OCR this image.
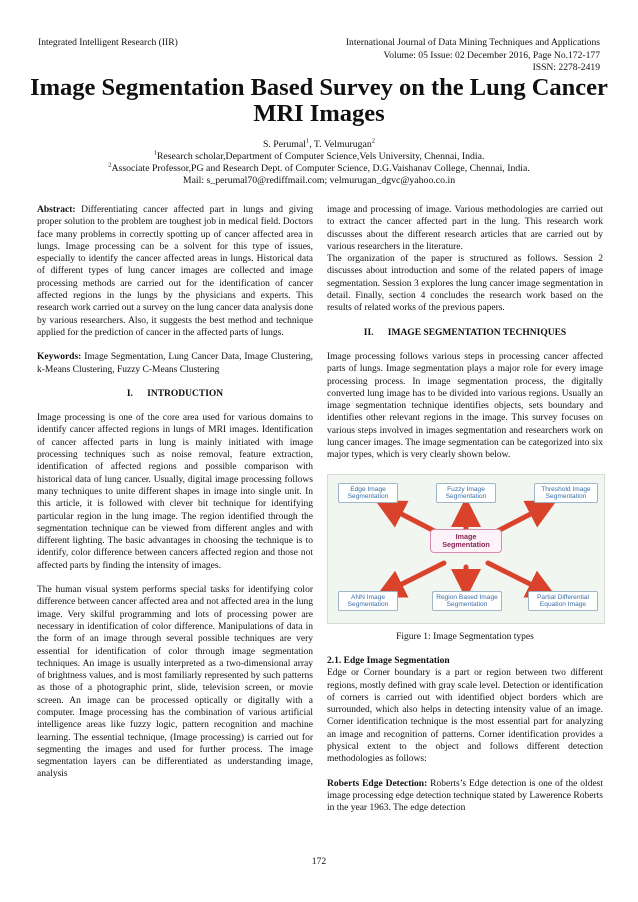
Integrated Intelligent Research (IIR)	International Journal of Data Mining Techniques and Applications
Volume: 05 Issue: 02 December 2016, Page No.172-177
ISSN: 2278-2419
Image Segmentation Based Survey on the Lung Cancer MRI Images
S. Perumal$^1$, T. Velmurugan$^2$
$^1$Research scholar,Department of Computer Science,Vels University, Chennai, India.
$^2$Associate Professor,PG and Research Dept. of Computer Science, D.G.Vaishanav College, Chennai, India.
Mail: s_perumal70@rediffmail.com; velmurugan_dgvc@yahoo.co.in

Abstract: Differentiating cancer affected part in lungs and giving proper solution to the problem are toughest job in medical field. Doctors face many problems in correctly spotting up of cancer affected area in lungs. Image processing can be a solvent for this type of issues, especially to identify the cancer affected areas in lungs. Historical data of different types of lung cancer images are collected and image processing methods are carried out for the identification of cancer affected regions in the lungs by the physicians and experts. This research work carried out a survey on the lung cancer data analysis done by various researchers. Also, it suggests the best method and technique applied for the prediction of cancer in the affected parts of lungs.

Keywords: Image Segmentation, Lung Cancer Data, Image Clustering, k-Means Clustering, Fuzzy C-Means Clustering

I.      INTRODUCTION

Image processing is one of the core area used for various domains to identify cancer affected regions in lungs of MRI images. Identification of cancer affected parts in lung is mainly initiated with image processing techniques such as noise removal, feature extraction, identification of affected regions and possible comparison with historical data of lung cancer. Usually, digital image processing follows many techniques to unite different shapes in image into single unit. In this article, it is followed with clever bit technique for identifying particular region in the lung image. The region identified through the segmentation technique can be viewed from different angles and with different lighting. The basic advantages in choosing the technique is to identify, color difference between cancers affected region and those not affected parts by finding the intensity of images.

The human visual system performs special tasks for identifying color difference between cancer affected area and not affected area in the lung image. Very skilful programming and lots of processing power are necessary in identification of color difference. Manipulations of data in the form of an image through several possible techniques are very essential for identification of color through image segmentation techniques. An image is usually interpreted as a two-dimensional array of brightness values, and is most familiarly represented by such patterns as those of a photographic print, slide, television screen, or movie screen. An image can be processed optically or digitally with a computer. Image processing has the combination of various artificial intelligence areas like fuzzy logic, pattern recognition and machine learning. The essential technique, (Image processing) is carried out for segmenting the images and used for further process. The image segmentation layers can be differentiated as understanding image, analysis

image and processing of image. Various methodologies are carried out to extract the cancer affected part in the lung. This research work discusses about the different research articles that are carried out by various researchers in the literature.

The organization of the paper is structured as follows. Session 2 discusses about introduction and some of the related papers of image segmentation. Session 3 explores the lung cancer image segmentation in detail. Finally, section 4 concludes the research work based on the results of related works of the previous papers.

II.      IMAGE SEGMENTATION TECHNIQUES

Image processing follows various steps in processing cancer affected parts of lungs. Image segmentation plays a major role for every image processing process. In image segmentation process, the digitally converted lung image has to be divided into various regions. Usually an image segmentation technique identifies objects, sets boundary and identifies other relevant regions in the image. This survey focuses on various steps involved in images segmentation and researchers work on lung cancer images. The image segmentation can be categorized into six major types, which is very clearly shown below.

Edge Image Segmentation
Fuzzy Image Segmentation
Threshold Image Segmentation
Image Segmentation
ANN Image Segmentation
Region Based Image Segmentation
Partial Differential Equation Image

Figure 1: Image Segmentation types

2.1. Edge Image Segmentation

Edge or Corner boundary is a part or region between two different regions, mostly defined with gray scale level. Detection or identification of corners is carried out with identified object borders which are surrounded, which also helps in detecting intensity value of an image. Corner identification technique is the most essential part for analyzing an image and recognition of patterns. Corner identification provides a physical extent to the object and follows different detection methodologies as follows:

Roberts Edge Detection: Roberts’s Edge detection is one of the oldest image processing edge detection technique stated by Lawerence Roberts in the year 1963. The edge detection

172
